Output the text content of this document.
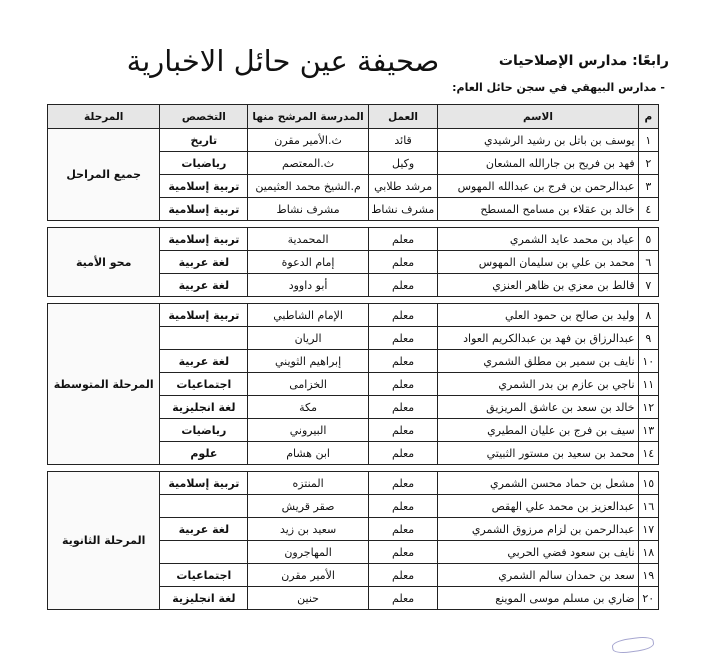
صحيفة عين حائل الاخبارية	رابعًا: مدارس الإصلاحيات
- مدارس البيهقي في سجن حائل العام:
م	الاسم	العمل	المدرسة المرشح منها	التخصص	المرحلة
١	يوسف بن باتل بن رشيد الرشيدي	قائد	ث.الأمير مقرن	تاريخ	جميع المراحل
٢	فهد بن فريح بن جارالله المشعان	وكيل	ث.المعتصم	رياضيات	
٣	عبدالرحمن بن فرج بن عبدالله المهوس	مرشد طلابي	م.الشيخ محمد العثيمين	تربية إسلامية	
٤	خالد بن عقلاء بن مسامح المسطح	مشرف نشاط	مشرف نشاط	تربية إسلامية	

٥	عياد بن محمد عايد الشمري	معلم	المحمدية	تربية إسلامية	محو الأمية
٦	محمد بن علي بن سليمان المهوس	معلم	إمام الدعوة	لغة عربية	
٧	قالط بن معزي بن ظاهر العنزي	معلم	أبو داوود	لغة عربية	

٨	وليد بن صالح بن حمود العلي	معلم	الإمام الشاطبي	تربية إسلامية	المرحلة المتوسطة
٩	عبدالرزاق بن فهد بن عبدالكريم العواد	معلم	الريان		
١٠	نايف بن سمير بن مطلق الشمري	معلم	إبراهيم الثويني	لغة عربية	
١١	ناجي بن عازم بن بدر الشمري	معلم	الخزامى	اجتماعيات	
١٢	خالد بن سعد بن عاشق المريزيق	معلم	مكة	لغة انجليزية	
١٣	سيف بن فرج بن عليان المطيري	معلم	البيروني	رياضيات	
١٤	محمد بن سعيد بن مستور الثبيتي	معلم	ابن هشام	علوم	

١٥	مشعل بن حماد محسن الشمري	معلم	المنتزه	تربية إسلامية	المرحلة الثانوية
١٦	عبدالعزيز بن محمد علي الهقص	معلم	صقر قريش		
١٧	عبدالرحمن بن لزام مرزوق الشمري	معلم	سعيد بن زيد	لغة عربية	
١٨	نايف بن سعود فضي الحربي	معلم	المهاجرون		
١٩	سعد بن حمدان سالم الشمري	معلم	الأمير مقرن	اجتماعيات	
٢٠	ضاري بن مسلم موسى الموينع	معلم	حنين	لغة انجليزية	
